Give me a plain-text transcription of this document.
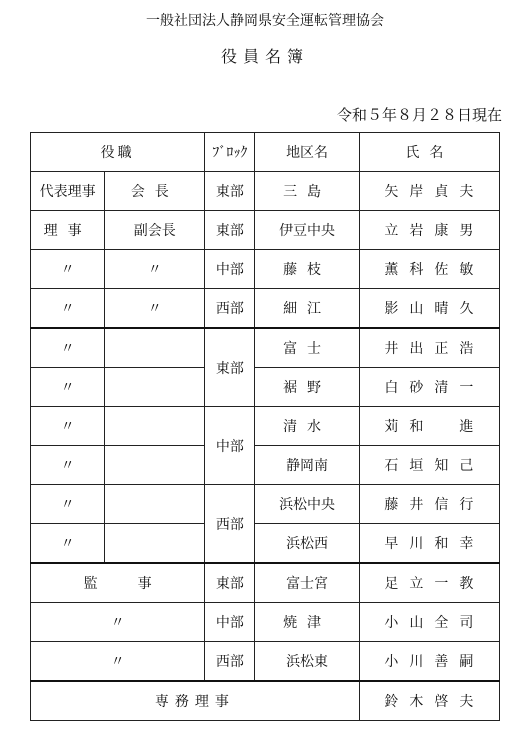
一般社団法人静岡県安全運転管理協会
役員名簿
令和５年８月２８日現在
役職		ﾌﾞﾛｯｸ	地区名	氏名
代表理事	会長	東部	三島	矢岸貞夫
理事	副会長	東部	伊豆中央	立岩康男
〃	〃	中部	藤枝	薫科佐敏
〃	〃	西部	細江	影山晴久
〃		東部	富士	井出正浩
〃			裾野	白砂清一
〃		中部	清水	苅和　進
〃			静岡南	石垣知己
〃		西部	浜松中央	藤井信行
〃			浜松西	早川和幸
監事		東部	富士宮	足立一教
〃		中部	焼津	小山全司
〃		西部	浜松東	小川善嗣
専務理事				鈴木啓夫
